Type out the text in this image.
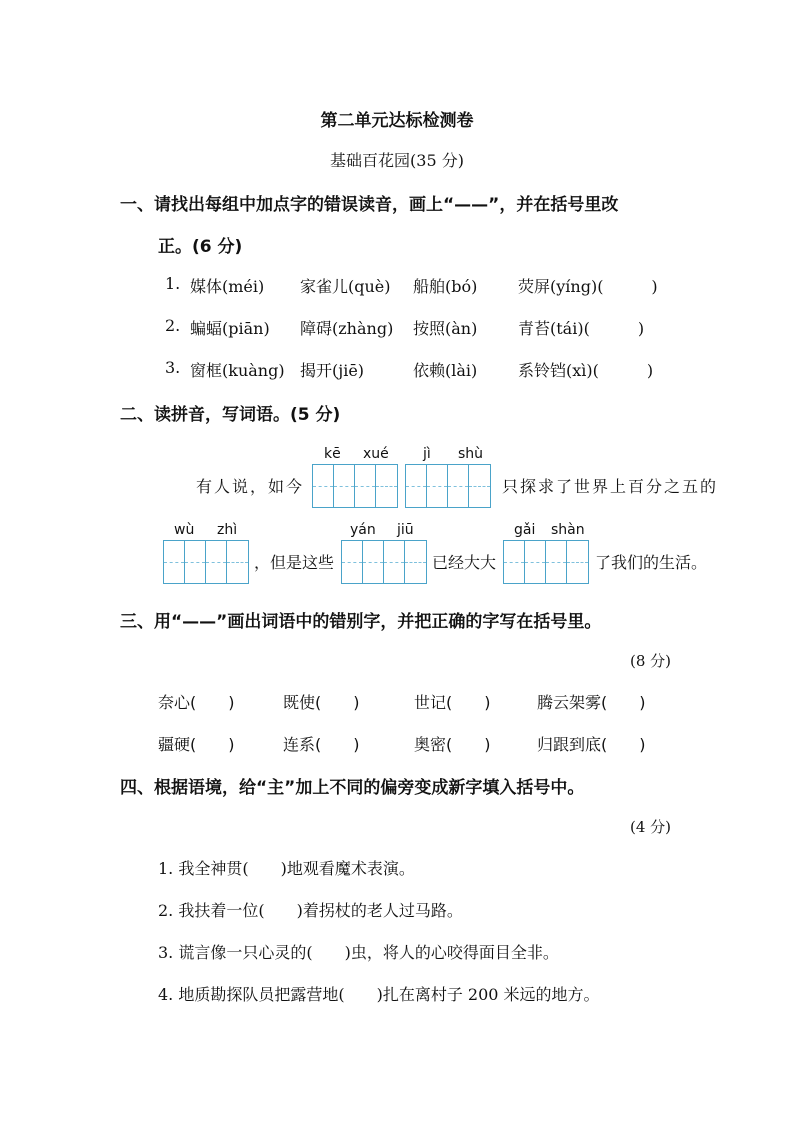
第二单元达标检测卷
基础百花园(35 分)
一、请找出每组中加点字的错误读音，画上“——”，并在括号里改
正。(6 分)
1. 媒体(méi) 家雀儿(què) 船舶(bó)	荧屏(yíng)(　　　)
2. 蝙蝠(piān) 障碍(zhàng) 按照(àn)	青苔(tái)(　　　)
3. 窗框(kuàng) 揭开(jiē)	依赖(lài)	系铃铛(xì)(　　　)
二、读拼音，写词语。(5 分)
kē xué jì shù
有人说，如今	只探求了世界上百分之五的
wù zhì	yán jiū	gǎi shàn
，但是这些	已经大大	了我们的生活。
三、用“——”画出词语中的错别字，并把正确的字写在括号里。
(8 分)
奈心(　　)	既使(　　)	世记(　　)	腾云架雾(　　)
疆硬(　　)	连系(　　)	奥密(　　)	归跟到底(　　)
四、根据语境，给“主”加上不同的偏旁变成新字填入括号中。
(4 分)
1. 我全神贯(　　)地观看魔术表演。
2. 我扶着一位(　　)着拐杖的老人过马路。
3. 谎言像一只心灵的(　　)虫，将人的心咬得面目全非。
4. 地质勘探队员把露营地(　　)扎在离村子 200 米远的地方。
